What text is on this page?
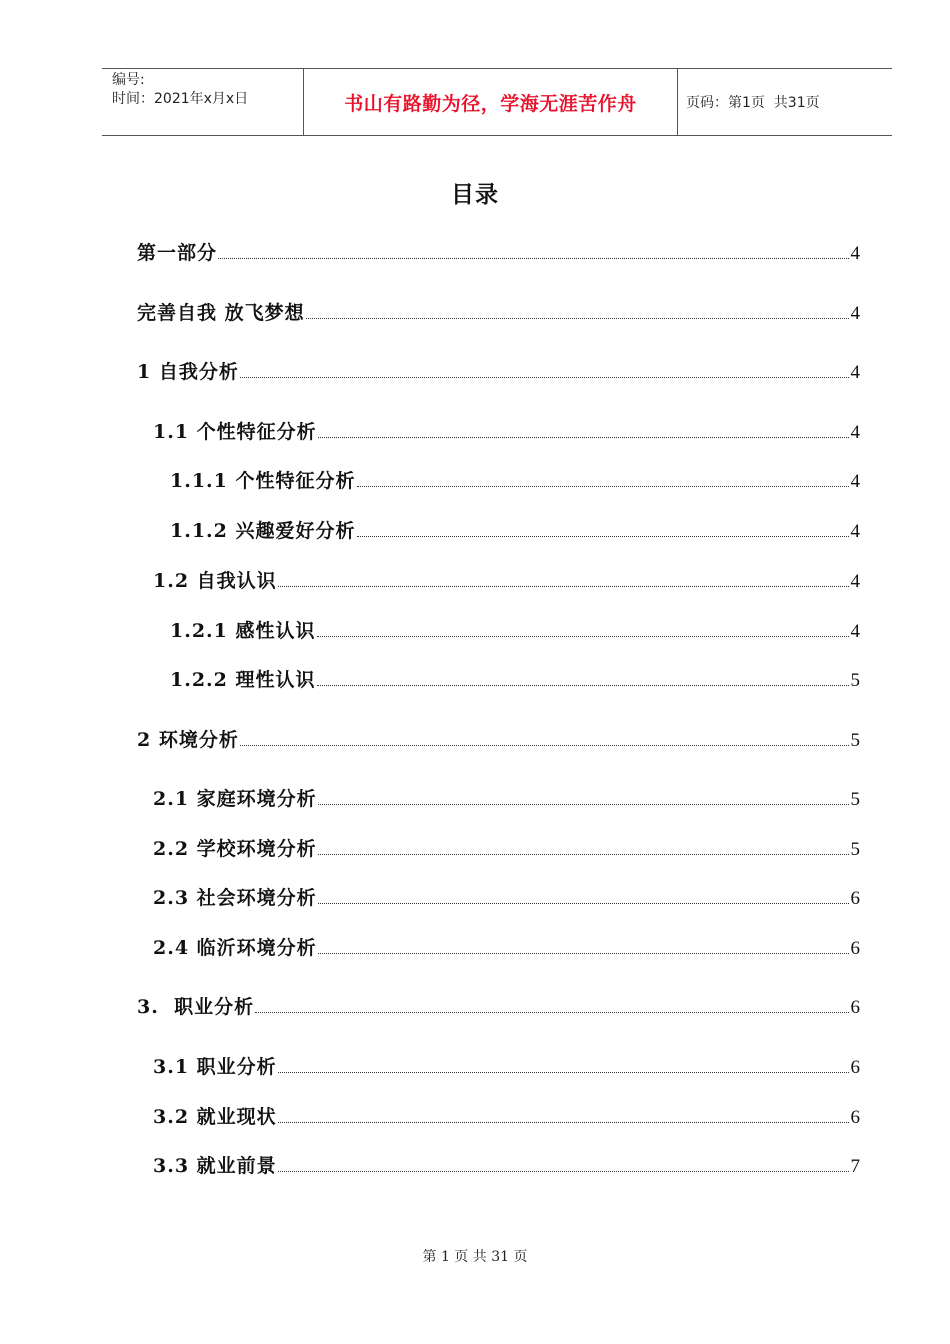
编号:
时间：2021年x月x日	书山有路勤为径，学海无涯苦作舟	页码：第1页  共31页
目录
第一部分	4
完善自我 放飞梦想	4
1 自我分析	4
1.1 个性特征分析	4
1.1.1 个性特征分析	4
1.1.2 兴趣爱好分析	4
1.2 自我认识	4
1.2.1 感性认识	4
1.2.2 理性认识	5
2 环境分析	5
2.1 家庭环境分析	5
2.2 学校环境分析	5
2.3 社会环境分析	6
2.4 临沂环境分析	6
3.  职业分析	6
3.1 职业分析	6
3.2 就业现状	6
3.3 就业前景	7
第 1 页 共 31 页
